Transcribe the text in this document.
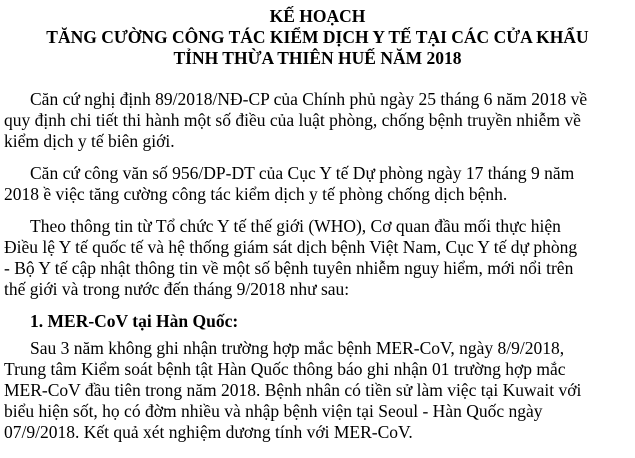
KẾ HOẠCH
TĂNG CƯỜNG CÔNG TÁC KIỂM DỊCH Y TẾ TẠI CÁC CỬA KHẨU
TỈNH THỪA THIÊN HUẾ NĂM 2018

Căn cứ nghị định 89/2018/NĐ-CP của Chính phủ ngày 25 tháng 6 năm 2018 về
quy định chi tiết thi hành một số điều của luật phòng, chống bệnh truyền nhiễm về
kiểm dịch y tế biên giới.

Căn cứ công văn số 956/DP-DT của Cục Y tế Dự phòng ngày 17 tháng 9 năm
2018 ề việc tăng cường công tác kiểm dịch y tế phòng chống dịch bệnh.

Theo thông tin từ Tổ chức Y tế thế giới (WHO), Cơ quan đầu mối thực hiện
Điều lệ Y tế quốc tế và hệ thống giám sát dịch bệnh Việt Nam, Cục Y tế dự phòng
- Bộ Y tế cập nhật thông tin về một số bệnh tuyên nhiễm nguy hiểm, mới nổi trên
thế giới và trong nước đến tháng 9/2018 như sau:

1. MER-CoV tại Hàn Quốc:

Sau 3 năm không ghi nhận trường hợp mắc bệnh MER-CoV, ngày 8/9/2018,
Trung tâm Kiểm soát bệnh tật Hàn Quốc thông báo ghi nhận 01 trường hợp mắc
MER-CoV đầu tiên trong năm 2018. Bệnh nhân có tiền sử làm việc tại Kuwait với
biểu hiện sốt, họ có đờm nhiều và nhập bệnh viện tại Seoul - Hàn Quốc ngày
07/9/2018. Kết quả xét nghiệm dương tính với MER-CoV.
